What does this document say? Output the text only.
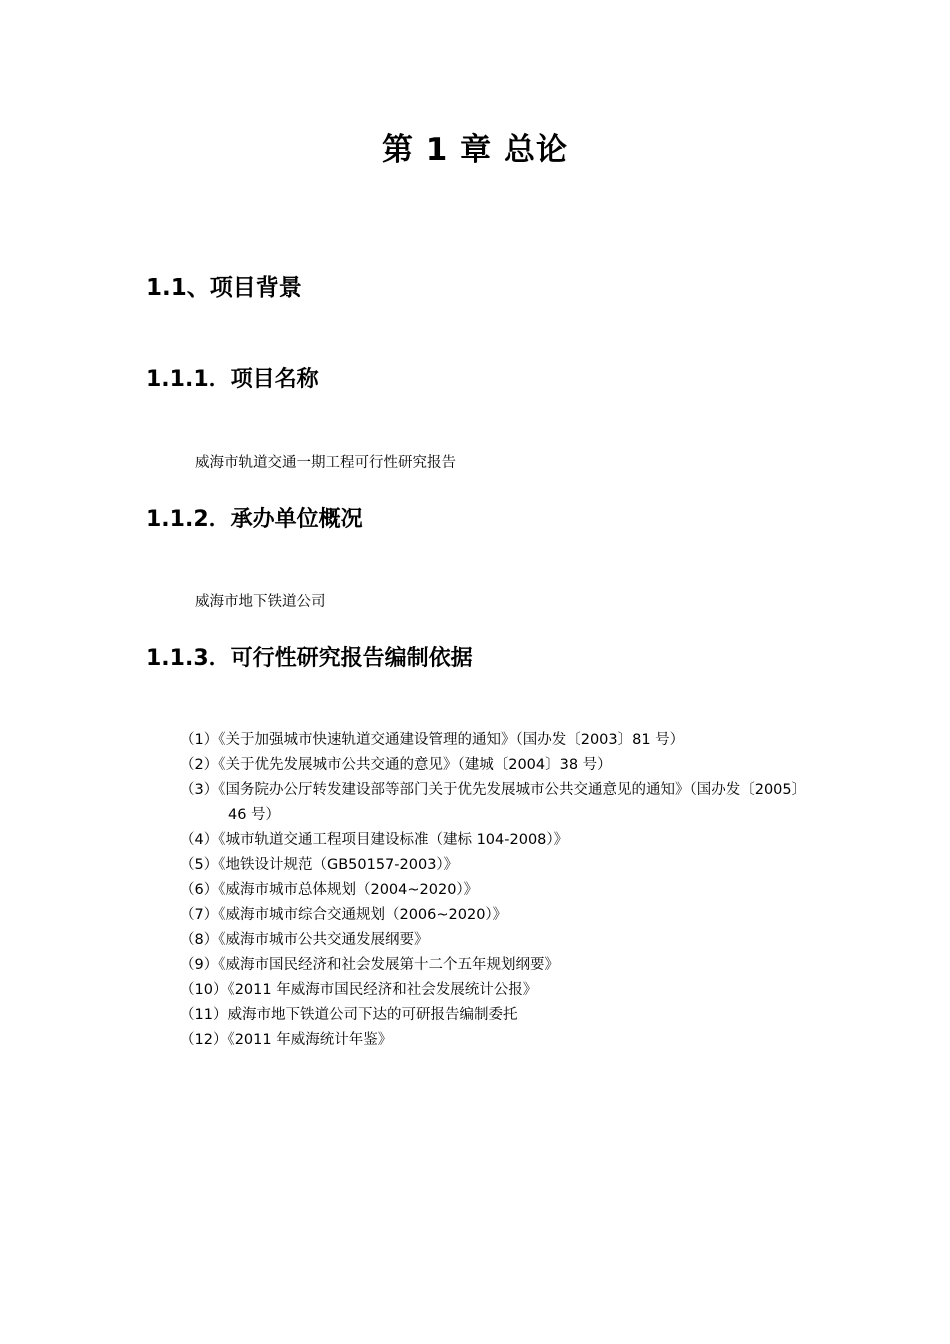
第 1 章 总论
1.1、项目背景
1.1.1．项目名称
威海市轨道交通一期工程可行性研究报告
1.1.2．承办单位概况
威海市地下铁道公司
1.1.3．可行性研究报告编制依据
（1）《关于加强城市快速轨道交通建设管理的通知》（国办发〔2003〕81 号）
（2）《关于优先发展城市公共交通的意见》（建城〔2004〕38 号）
（3）《国务院办公厅转发建设部等部门关于优先发展城市公共交通意见的通知》（国办发〔2005〕46 号）
（4）《城市轨道交通工程项目建设标准（建标 104-2008）》
（5）《地铁设计规范（GB50157-2003）》
（6）《威海市城市总体规划（2004~2020）》
（7）《威海市城市综合交通规划（2006~2020）》
（8）《威海市城市公共交通发展纲要》
（9）《威海市国民经济和社会发展第十二个五年规划纲要》
（10）《2011 年威海市国民经济和社会发展统计公报》
（11）威海市地下铁道公司下达的可研报告编制委托
（12）《2011 年威海统计年鉴》
